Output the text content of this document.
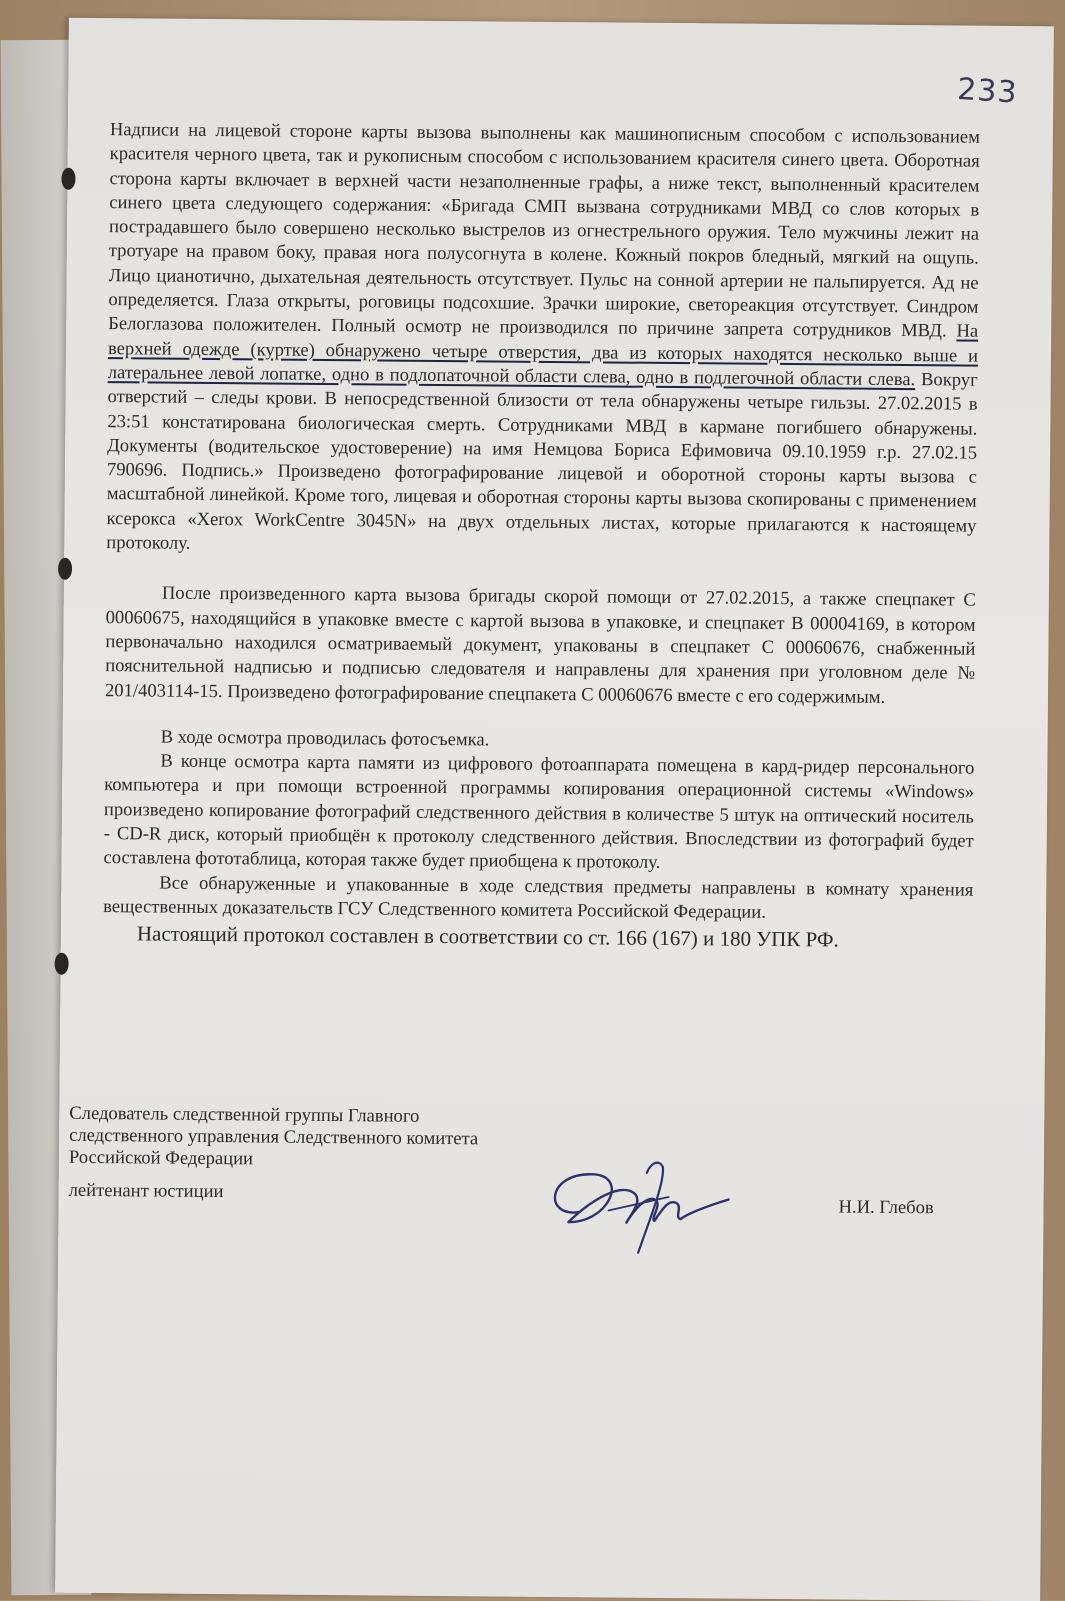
233

Надписи на лицевой стороне карты вызова выполнены как машинописным способом с использованием красителя черного цвета, так и рукописным способом с использованием красителя синего цвета. Оборотная сторона карты включает в верхней части незаполненные графы, а ниже текст, выполненный красителем синего цвета следующего содержания: «Бригада СМП вызвана сотрудниками МВД со слов которых в пострадавшего было совершено несколько выстрелов из огнестрельного оружия. Тело мужчины лежит на тротуаре на правом боку, правая нога полусогнута в колене. Кожный покров бледный, мягкий на ощупь. Лицо цианотично, дыхательная деятельность отсутствует. Пульс на сонной артерии не пальпируется. Ад не определяется. Глаза открыты, роговицы подсохшие. Зрачки широкие, светореакция отсутствует. Синдром Белоглазова положителен. Полный осмотр не производился по причине запрета сотрудников МВД. На верхней одежде (куртке) обнаружено четыре отверстия, два из которых находятся несколько выше и латеральнее левой лопатке, одно в подлопаточной области слева, одно в подлегочной области слева. Вокруг отверстий – следы крови. В непосредственной близости от тела обнаружены четыре гильзы. 27.02.2015 в 23:51 констатирована биологическая смерть. Сотрудниками МВД в кармане погибшего обнаружены. Документы (водительское удостоверение) на имя Немцова Бориса Ефимовича 09.10.1959 г.р. 27.02.15 790696. Подпись.» Произведено фотографирование лицевой и оборотной стороны карты вызова с масштабной линейкой. Кроме того, лицевая и оборотная стороны карты вызова скопированы с применением ксерокса «Xerox WorkCentre 3045N» на двух отдельных листах, которые прилагаются к настоящему протоколу.

После произведенного карта вызова бригады скорой помощи от 27.02.2015, а также спецпакет С 00060675, находящийся в упаковке вместе с картой вызова в упаковке, и спецпакет В 00004169, в котором первоначально находился осматриваемый документ, упакованы в спецпакет С 00060676, снабженный пояснительной надписью и подписью следователя и направлены для хранения при уголовном деле № 201/403114-15. Произведено фотографирование спецпакета С 00060676 вместе с его содержимым.

В ходе осмотра проводилась фотосъемка.

В конце осмотра карта памяти из цифрового фотоаппарата помещена в кард-ридер персонального компьютера и при помощи встроенной программы копирования операционной системы «Windows» произведено копирование фотографий следственного действия в количестве 5 штук на оптический носитель - CD-R диск, который приобщён к протоколу следственного действия. Впоследствии из фотографий будет составлена фототаблица, которая также будет приобщена к протоколу.

Все обнаруженные и упакованные в ходе следствия предметы направлены в комнату хранения вещественных доказательств ГСУ Следственного комитета Российской Федерации.

Настоящий протокол составлен в соответствии со ст. 166 (167) и 180 УПК РФ.

Следователь следственной группы Главного
следственного управления Следственного комитета
Российской Федерации
лейтенант юстиции
Н.И. Глебов
